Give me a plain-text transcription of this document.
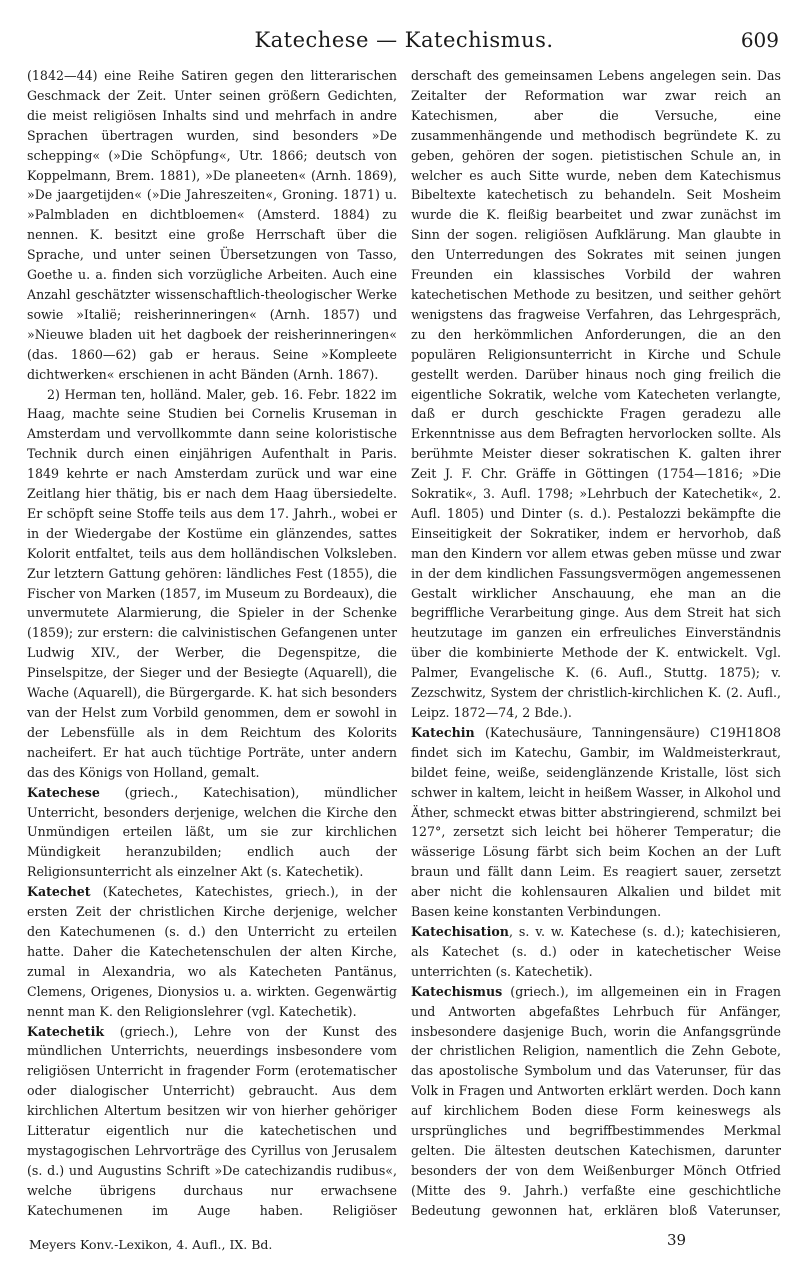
Katechese — Katechismus.	609

(1842—44) eine Reihe Satiren gegen den litterarischen Geschmack der Zeit. Unter seinen größern Gedichten, die meist religiösen Inhalts sind und mehrfach in andre Sprachen übertragen wurden, sind besonders »De schepping« (»Die Schöpfung«, Utr. 1866; deutsch von Koppelmann, Brem. 1881), »De planeeten« (Arnh. 1869), »De jaargetijden« (»Die Jahreszeiten«, Groning. 1871) u. »Palmbladen en dichtbloemen« (Amsterd. 1884) zu nennen. K. besitzt eine große Herrschaft über die Sprache, und unter seinen Übersetzungen von Tasso, Goethe u. a. finden sich vorzügliche Arbeiten. Auch eine Anzahl geschätzter wissenschaftlich-theologischer Werke sowie »Italië; reisherinneringen« (Arnh. 1857) und »Nieuwe bladen uit het dagboek der reisherinneringen« (das. 1860—62) gab er heraus. Seine »Kompleete dichtwerken« erschienen in acht Bänden (Arnh. 1867).

2) Herman ten, holländ. Maler, geb. 16. Febr. 1822 im Haag, machte seine Studien bei Cornelis Kruseman in Amsterdam und vervollkommte dann seine koloristische Technik durch einen einjährigen Aufenthalt in Paris. 1849 kehrte er nach Amsterdam zurück und war eine Zeitlang hier thätig, bis er nach dem Haag übersiedelte. Er schöpft seine Stoffe teils aus dem 17. Jahrh., wobei er in der Wiedergabe der Kostüme ein glänzendes, sattes Kolorit entfaltet, teils aus dem holländischen Volksleben. Zur letztern Gattung gehören: ländliches Fest (1855), die Fischer von Marken (1857, im Museum zu Bordeaux), die unvermutete Alarmierung, die Spieler in der Schenke (1859); zur erstern: die calvinistischen Gefangenen unter Ludwig XIV., der Werber, die Degenspitze, die Pinselspitze, der Sieger und der Besiegte (Aquarell), die Wache (Aquarell), die Bürgergarde. K. hat sich besonders van der Helst zum Vorbild genommen, dem er sowohl in der Lebensfülle als in dem Reichtum des Kolorits nacheifert. Er hat auch tüchtige Porträte, unter andern das des Königs von Holland, gemalt.

Katechese (griech., Katechisation), mündlicher Unterricht, besonders derjenige, welchen die Kirche den Unmündigen erteilen läßt, um sie zur kirchlichen Mündigkeit heranzubilden; endlich auch der Religionsunterricht als einzelner Akt (s. Katechetik).

Katechet (Katechetes, Katechistes, griech.), in der ersten Zeit der christlichen Kirche derjenige, welcher den Katechumenen (s. d.) den Unterricht zu erteilen hatte. Daher die Katechetenschulen der alten Kirche, zumal in Alexandria, wo als Katecheten Pantänus, Clemens, Origenes, Dionysios u. a. wirkten. Gegenwärtig nennt man K. den Religionslehrer (vgl. Katechetik).

Katechetik (griech.), Lehre von der Kunst des mündlichen Unterrichts, neuerdings insbesondere vom religiösen Unterricht in fragender Form (erotematischer oder dialogischer Unterricht) gebraucht. Aus dem kirchlichen Altertum besitzen wir von hierher gehöriger Litteratur eigentlich nur die katechetischen und mystagogischen Lehrvorträge des Cyrillus von Jerusalem (s. d.) und Augustins Schrift »De catechizandis rudibus«, welche übrigens durchaus nur erwachsene Katechumenen im Auge haben. Religiöser

derschaft des gemeinsamen Lebens angelegen sein. Das Zeitalter der Reformation war zwar reich an Katechismen, aber die Versuche, eine zusammenhängende und methodisch begründete K. zu geben, gehören der sogen. pietistischen Schule an, in welcher es auch Sitte wurde, neben dem Katechismus Bibeltexte katechetisch zu behandeln. Seit Mosheim wurde die K. fleißig bearbeitet und zwar zunächst im Sinn der sogen. religiösen Aufklärung. Man glaubte in den Unterredungen des Sokrates mit seinen jungen Freunden ein klassisches Vorbild der wahren katechetischen Methode zu besitzen, und seither gehört wenigstens das fragweise Verfahren, das Lehrgespräch, zu den herkömmlichen Anforderungen, die an den populären Religionsunterricht in Kirche und Schule gestellt werden. Darüber hinaus noch ging freilich die eigentliche Sokratik, welche vom Katecheten verlangte, daß er durch geschickte Fragen geradezu alle Erkenntnisse aus dem Befragten hervorlocken sollte. Als berühmte Meister dieser sokratischen K. galten ihrer Zeit J. F. Chr. Gräffe in Göttingen (1754—1816; »Die Sokratik«, 3. Aufl. 1798; »Lehrbuch der Katechetik«, 2. Aufl. 1805) und Dinter (s. d.). Pestalozzi bekämpfte die Einseitigkeit der Sokratiker, indem er hervorhob, daß man den Kindern vor allem etwas geben müsse und zwar in der dem kindlichen Fassungsvermögen angemessenen Gestalt wirklicher Anschauung, ehe man an die begriffliche Verarbeitung ginge. Aus dem Streit hat sich heutzutage im ganzen ein erfreuliches Einverständnis über die kombinierte Methode der K. entwickelt. Vgl. Palmer, Evangelische K. (6. Aufl., Stuttg. 1875); v. Zezschwitz, System der christlich-kirchlichen K. (2. Aufl., Leipz. 1872—74, 2 Bde.).

Katechin (Katechusäure, Tanningensäure) C19H18O8 findet sich im Katechu, Gambir, im Waldmeisterkraut, bildet feine, weiße, seidenglänzende Kristalle, löst sich schwer in kaltem, leicht in heißem Wasser, in Alkohol und Äther, schmeckt etwas bitter abstringierend, schmilzt bei 127°, zersetzt sich leicht bei höherer Temperatur; die wässerige Lösung färbt sich beim Kochen an der Luft braun und fällt dann Leim. Es reagiert sauer, zersetzt aber nicht die kohlensauren Alkalien und bildet mit Basen keine konstanten Verbindungen.

Katechisation, s. v. w. Katechese (s. d.); katechisieren, als Katechet (s. d.) oder in katechetischer Weise unterrichten (s. Katechetik).

Katechismus (griech.), im allgemeinen ein in Fragen und Antworten abgefaßtes Lehrbuch für Anfänger, insbesondere dasjenige Buch, worin die Anfangsgründe der christlichen Religion, namentlich die Zehn Gebote, das apostolische Symbolum und das Vaterunser, für das Volk in Fragen und Antworten erklärt werden. Doch kann auf kirchlichem Boden diese Form keineswegs als ursprüngliches und begriffbestimmendes Merkmal gelten. Die ältesten deutschen Katechismen, darunter besonders der von dem Weißenburger Mönch Otfried (Mitte des 9. Jahrh.) verfaßte eine geschichtliche Bedeutung gewonnen hat, erklären bloß Vaterunser,

Meyers Konv.-Lexikon, 4. Aufl., IX. Bd.	39
